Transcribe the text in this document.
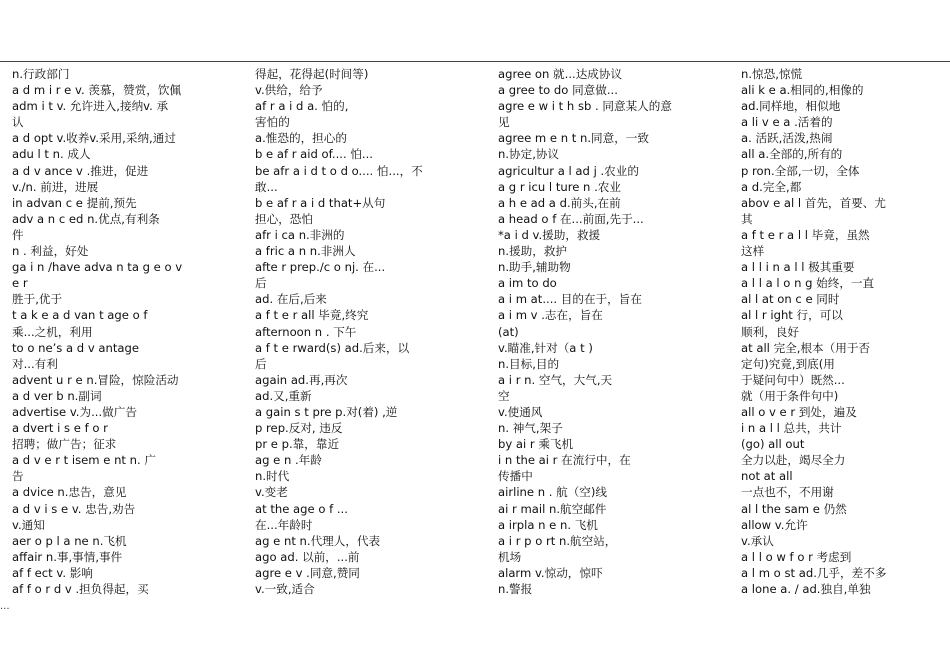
n.行政部门
a d m i r e v. 羡慕，赞赏，饮佩
adm i t v. 允许进入,接纳v. 承
认
a d opt v.收养v.采用,采纳,通过
adu l t n. 成人
a d v ance v .推进，促进
v./n. 前进，进展
in advan c e 提前,预先
adv a n c ed n.优点,有利条
件
n . 利益，好处
ga i n /have adva n ta g e o v
e r
胜于,优于
t a k e a d van t age o f
乘...之机，利用
to o ne’s a d v antage
对...有利
advent u r e n.冒险，惊险活动
a d ver b n.副词
advertise v.为...做广告
a dvert i s e f o r
招聘；做广告；征求
a d v e r t isem e nt n. 广
告
a dvice n.忠告，意见
a d v i s e v. 忠告,劝告
v.通知
aer o p l a ne n.飞机
affair n.事,事情,事件
af f ect v. 影响
af f o r d v .担负得起，买
得起，花得起(时间等)
v.供给，给予
af r a i d a. 怕的,
害怕的
a.惟恐的，担心的
b e af r aid of.... 怕...
be afr a i d t o d o.... 怕...，不
敢...
b e af r a i d that+从句
担心，恐怕
afr i ca n.非洲的
a fric a n n.非洲人
afte r prep./c o nj. 在...
后
ad. 在后,后来
a f t e r all 毕竟,终究
afternoon n . 下午
a f t e rward(s) ad.后来，以
后
again ad.再,再次
ad.又,重新
a gain s t pre p.对(着) ,逆
p rep.反对, 违反
pr e p.靠，靠近
ag e n .年龄
n.时代
v.变老
at the age o f ...
在...年龄时
ag e nt n.代理人，代表
ago ad. 以前，...前
agre e v .同意,赞同
v.一致,适合
agree on 就...达成协议
a gree to do 同意做...
agre e w i t h sb . 同意某人的意
见
agree m e n t n.同意，一致
n.协定,协议
agricultur a l ad j .农业的
a g r icu l ture n .农业
a h e ad a d.前头,在前
a head o f 在...前面,先于...
*a i d v.援助，救援
n.援助，救护
n.助手,辅助物
a im to do
a i m at.... 目的在于，旨在
a i m v .志在，旨在
(at)
v.瞄准,针对（a t )
n.目标,目的
a i r n. 空气，大气,天
空
v.使通风
n. 神气,架子
by ai r 乘飞机
i n the ai r 在流行中，在
传播中
airline n . 航（空)线
ai r mail n.航空邮件
a irpla n e n. 飞机
a i r p o rt n.航空站，
机场
alarm v.惊动，惊吓
n.警报
n.惊恐,惊慌
ali k e a.相同的,相像的
ad.同样地，相似地
a li v e a .活着的
a. 活跃,活泼,热闹
all a.全部的,所有的
p ron.全部,一切，全体
a d.完全,都
abov e al l 首先，首要、尤
其
a f t e r a l l 毕竟，虽然
这样
a l l i n a l l 极其重要
a l l a l o n g 始终，一直
al l at on c e 同时
al l r ight 行，可以
顺利，良好
at all 完全,根本（用于否
定句)究竟,到底(用
于疑问句中）既然...
就（用于条件句中)
all o v e r 到处，遍及
i n a l l 总共，共计
(go) all out
全力以赴，竭尽全力
not at all
一点也不，不用谢
al l the sam e 仍然
allow v.允许
v.承认
a l l o w f o r 考虑到
a l m o st ad.几乎，差不多
a lone a. / ad.独自,单独
...
